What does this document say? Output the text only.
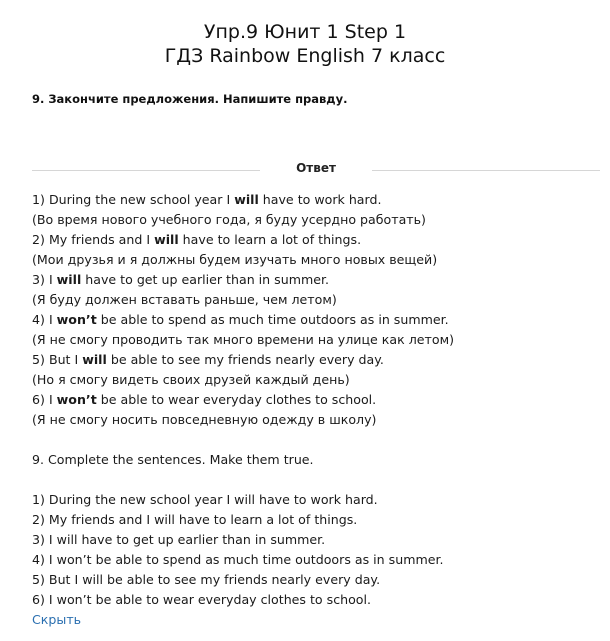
Упр.9 Юнит 1 Step 1
ГДЗ Rainbow English 7 класс
9. Закончите предложения. Напишите правду.
Ответ
1) During the new school year I will have to work hard.
(Во время нового учебного года, я буду усердно работать)
2) My friends and I will have to learn a lot of things.
(Мои друзья и я должны будем изучать много новых вещей)
3) I will have to get up earlier than in summer.
(Я буду должен вставать раньше, чем летом)
4) I won’t be able to spend as much time outdoors as in summer.
(Я не смогу проводить так много времени на улице как летом)
5) But I will be able to see my friends nearly every day.
(Но я смогу видеть своих друзей каждый день)
6) I won’t be able to wear everyday clothes to school.
(Я не смогу носить повседневную одежду в школу)
9. Complete the sentences. Make them true.
1) During the new school year I will have to work hard.
2) My friends and I will have to learn a lot of things.
3) I will have to get up earlier than in summer.
4) I won’t be able to spend as much time outdoors as in summer.
5) But I will be able to see my friends nearly every day.
6) I won’t be able to wear everyday clothes to school.
Скрыть
